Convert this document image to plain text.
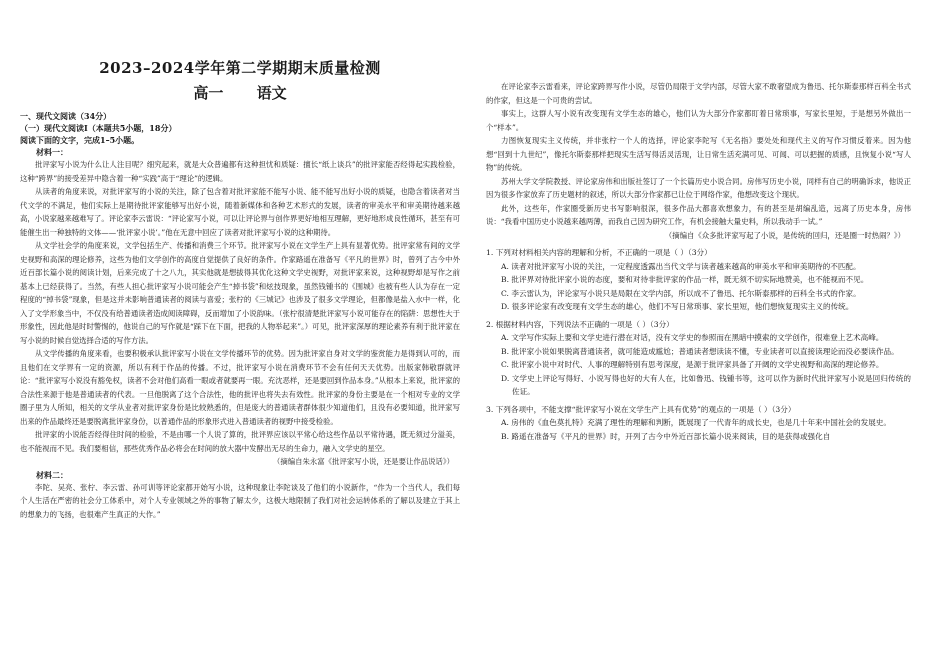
2023–2024学年第二学期期末质量检测
高一 语文
一、现代文阅读（34分）
（一）现代文阅读Ⅰ（本题共5小题，18分）
阅读下面的文字，完成1–5小题。
材料一：
批评家写小说为什么让人注目呢？细究起来，就是大众普遍都有这种担忧和质疑：擅长“纸上谈兵”的批评家能否经得起实践检验，这种“跨界”的接受差异中隐含着一种“实践”高于“理论”的逻辑。
从读者的角度来说，对批评家写的小说的关注，除了包含着对批评家能不能写小说、能不能写出好小说的质疑，也隐含着读者对当代文学的不满足，他们实际上是期待批评家能够写出好小说，随着新媒体和各种艺术形式的发展，读者的审美水平和审美期待越来越高，小说家越来越难写了。评论家李云雷说：“评论家写小说，可以让评论界与创作界更好地相互理解，更好地形成良性循环，甚至有可能催生出一种独特的文体——‘批评家小说’。”他在无意中回应了读者对批评家写小说的这种期待。
从文学社会学的角度来说，文学包括生产、传播和消费三个环节。批评家写小说在文学生产上具有显著优势。批评家常有间的文学史视野和高深的理论修养，这些为他们文学创作的高度自觉提供了良好的条件。作家路遥在准备写《平凡的世界》时，曾列了古今中外近百部长篇小说的阅读计划，后来完成了十之八九，其实他就是想拔得其优化这种文学史视野，对批评家来说，这种视野却是写作之前基本上已经获得了。当然，有些人担心批评家写小说可能会产生“掉书袋”和炫技现象，虽然钱锺书的《围城》也被有些人认为存在一定程度的“掉书袋”现象，但是这并未影响普通读者的阅读与喜爱；张柠的《三城记》也涉及了很多文学理论，但都像是盐入水中一样，化入了文学形象当中，不仅没有给普通读者造成阅读障碍，反而增加了小说韵味。（张柠很清楚批评家写小说可能存在的陷阱：思想性大于形象性，因此他是时时警惕的，他说自己的写作就是“踩下在下面，把我的人物举起来”。）可见，批评家深厚的理论素养有利于批评家在写小说的时候自觉选择合适的写作方法。
从文学传播的角度来看，也要积极承认批评家写小说在文学传播环节的优势。因为批评家自身对文学的鉴赏能力是得到认可的，而且他们在文学界有一定的资源，所以有利于作品的传播。不过，批评家写小说在消费环节不会有任何天天优势。出版家韩敬群就评论：“批评家写小说没有豁免权，读者不会对他们高看一眼或者就要再一眼。充沈恶样，还是要回到作品本身。”从根本上来说，批评家的合法性来源于他是普通读者的代表。一旦他脱离了这个合法性，他的批评也将失去有效性。批评家的身份主要是在一个相对专业的文学圈子里为人所知，相关的文学从业者对批评家身份是比较熟悉的，但是庞大的普通读者群体很少知道他们，且没有必要知道，批评家写出来的作品最终还是要脱离批评家身份，以普通作品的形象形式进入普通读者的视野中接受检验。
批评家的小说能否经得住时间的检验，不是由哪一个人说了算的，批评界应该以平常心给这些作品以平常待遇，既无须过分溢美，也不能视而不见。我们要相信，那些优秀作品必将会在时间的放大器中发酵出无尽的生命力，融入文学史的星空。
（摘编自朱永富《批评家写小说，还是要让作品说话》）
材料二：
李陀、吴亮、张柠、李云雷、孙可训等评论家都开始写小说，这种现象让李陀谈及了他们的小说新作，“作为一个当代人，我们每个人生活在严密的社会分工体系中，对个人专业领域之外的事物了解太少，这极大地限制了我们对社会运转体系的了解以及建立于其上的想象力的飞扬，也很难产生真正的大作。”
在评论家李云雷看来，评论家跨界写作小说，尽管仍局限于文学内部，尽管大家不敢奢望成为鲁迅、托尔斯泰那样百科全书式的作家，但这是一个可贵的尝试。
事实上，这群人写小说有改变现有文学生态的雄心，他们认为大部分作家都盯着日常琐事，写家长里短，于是想另外做出一个“样本”。
力图恢复现实主义传统，并非张柠一个人的选择，评论家李陀写《无名指》要处处和现代主义的写作习惯反着来。因为他想“回到十九世纪”，像托尔斯泰那样把现实生活写得活灵活现，让日常生活充满可见、可闻、可以把握的质感，且恢复小说“写人物”的传统。
苏州大学文学院教授、评论家房伟和出版社签订了一个长篇历史小说合同。房伟写历史小说，同样有自己的明确诉求，他说正因为很多作家放弃了历史题材的叙述，所以大部分作家都已让位于网络作家，他想改变这个现状。
此外，这些年，作家圈受新历史书写影响很深，很多作品大都喜欢想象力，有的甚至是胡编乱造，远离了历史本身，房伟说：“我看中国历史小说越来越两薄，而我自己因为研究工作，有机会接触大量史料，所以我动手一试。”
（摘编自《众多批评家写起了小说，是传统的回归，还是圈一时热闹？》）
1. 下列对材料相关内容的理解和分析，不正确的一项是（ ）（3分）
A. 读者对批评家写小说的关注，一定程度透露出当代文学与读者越来越高的审美水平和审美期待的不匹配。
B. 批评界对待批评家小说的态度，要和对待非批评家的作品一样，既无须不切实际地赞美，也不能视而不见。
C. 李云雷认为，评论家写小说只是局限在文学内部，所以成不了鲁迅、托尔斯泰那样的百科全书式的作家。
D. 很多评论家有改变现有文学生态的雄心，他们不写日常琐事、家长里短，他们想恢复现实主义的传统。
2. 根据材料内容，下列说法不正确的一项是（ ）（3分）
A. 文学写作实际上要和文学史进行潜在对话，没有文学史的参照而在黑暗中摸索的文学创作，很难登上艺术高峰。
B. 批评家小说如果脱离普通读者，就可能造成尴尬；普通读者想读读不懂，专业读者可以直接读理论而没必要读作品。
C. 批评家小说中对时代、人事的理解特别有思考深度，是源于批评家具备了开阔的文学史视野和高深的理论修养。
D. 文学史上评论写得好、小说写得也好的大有人在，比如鲁迅、钱锺书等，这可以作为新时代批评家写小说是回归传统的佐证。
3. 下列各项中，不能支撑“批评家写小说在文学生产上具有优势”的观点的一项是（ ）（3分）
A. 房伟的《血色莫扎特》充满了理性的理解和判断，既展现了一代青年的成长史，也是几十年来中国社会的发展史。
B. 路遥在准备写《平凡的世界》时，开列了古今中外近百部长篇小说来阅读，目的是获得或强化自
